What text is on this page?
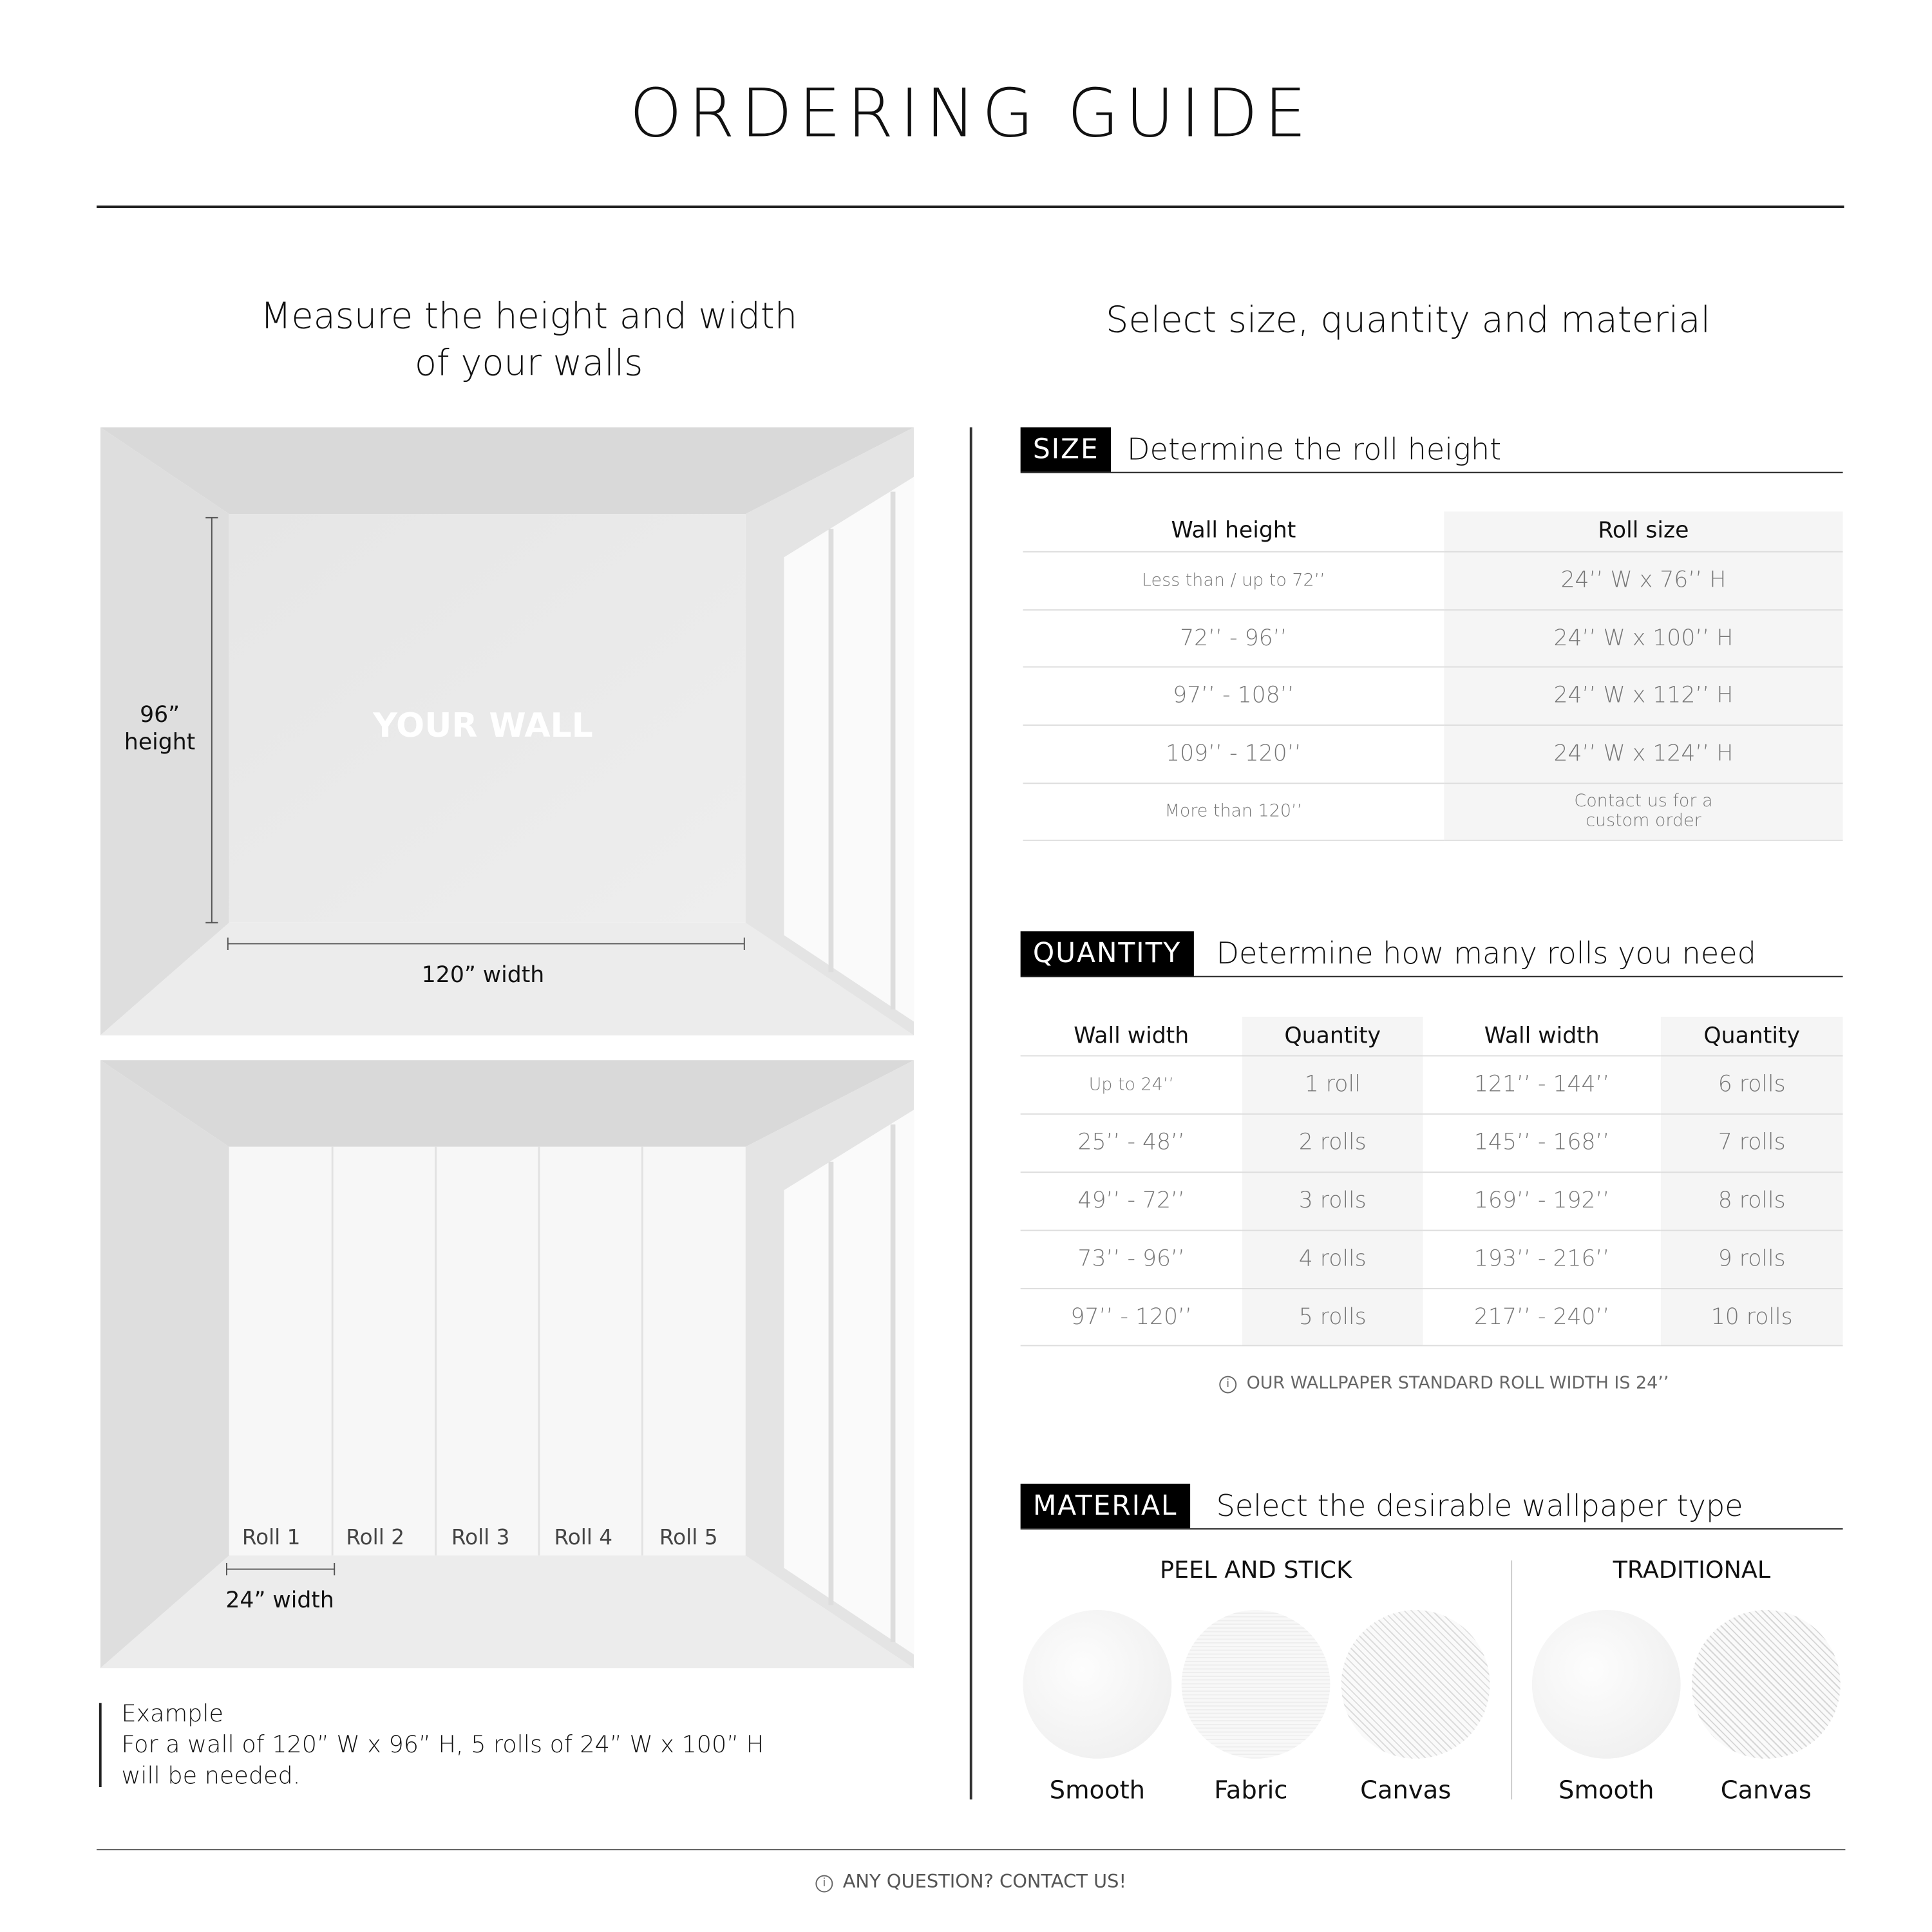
ORDERING GUIDE
Measure the height and width
of your walls
96”
height	YOUR WALL
120” width
Roll 1	Roll 2	Roll 3	Roll 4	Roll 5
24” width
Example
For a wall of 120” W x 96” H, 5 rolls of 24” W x 100” H
will be needed.
Select size, quantity and material
SIZE	Determine the roll height
Wall height	Roll size
Less than / up to 72’’	24’’ W x 76’’ H
72’’ - 96’’	24’’ W x 100’’ H
97’’ - 108’’	24’’ W x 112’’ H
109’’ - 120’’	24’’ W x 124’’ H
More than 120’’	Contact us for a custom order
QUANTITY	Determine how many rolls you need
Wall width	Quantity	Wall width	Quantity
Up to 24’’	1 roll	121’’ - 144’’	6 rolls
25’’ - 48’’	2 rolls	145’’ - 168’’	7 rolls
49’’ - 72’’	3 rolls	169’’ - 192’’	8 rolls
73’’ - 96’’	4 rolls	193’’ - 216’’	9 rolls
97’’ - 120’’	5 rolls	217’’ - 240’’	10 rolls
i OUR WALLPAPER STANDARD ROLL WIDTH IS 24’’
MATERIAL	Select the desirable wallpaper type
PEEL AND STICK	TRADITIONAL
Smooth	Fabric	Canvas	Smooth	Canvas
i ANY QUESTION? CONTACT US!
